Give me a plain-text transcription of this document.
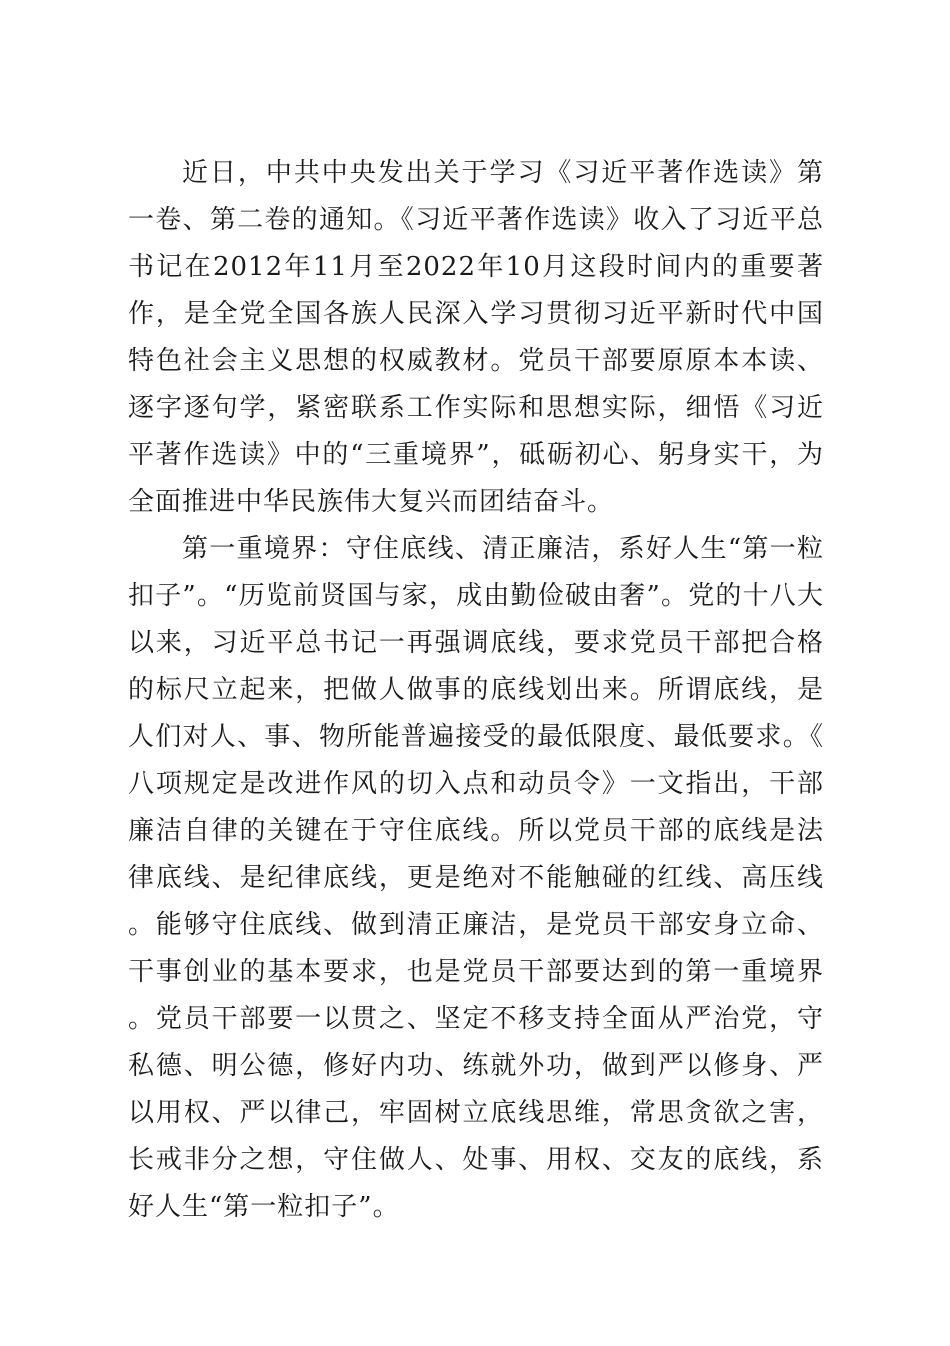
近日，中共中央发出关于学习《习近平著作选读》第一卷、第二卷的通知。《习近平著作选读》收入了习近平总书记在2012年11月至2022年10月这段时间内的重要著作，是全党全国各族人民深入学习贯彻习近平新时代中国特色社会主义思想的权威教材。党员干部要原原本本读、逐字逐句学，紧密联系工作实际和思想实际，细悟《习近平著作选读》中的“三重境界”，砥砺初心、躬身实干，为全面推进中华民族伟大复兴而团结奋斗。

第一重境界：守住底线、清正廉洁，系好人生“第一粒扣子”。“历览前贤国与家，成由勤俭破由奢”。党的十八大以来，习近平总书记一再强调底线，要求党员干部把合格的标尺立起来，把做人做事的底线划出来。所谓底线，是人们对人、事、物所能普遍接受的最低限度、最低要求。《八项规定是改进作风的切入点和动员令》一文指出，干部廉洁自律的关键在于守住底线。所以党员干部的底线是法律底线、是纪律底线，更是绝对不能触碰的红线、高压线。能够守住底线、做到清正廉洁，是党员干部安身立命、干事创业的基本要求，也是党员干部要达到的第一重境界。党员干部要一以贯之、坚定不移支持全面从严治党，守私德、明公德，修好内功、练就外功，做到严以修身、严以用权、严以律己，牢固树立底线思维，常思贪欲之害，长戒非分之想，守住做人、处事、用权、交友的底线，系好人生“第一粒扣子”。
